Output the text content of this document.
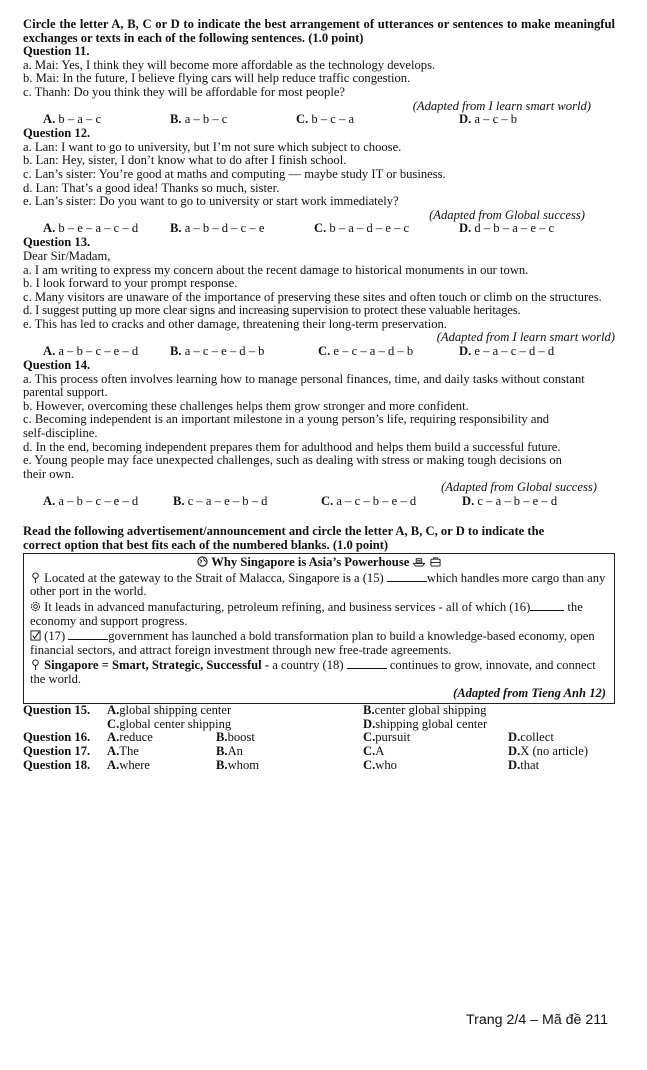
Circle the letter A, B, C or D to indicate the best arrangement of utterances or sentences to make meaningful exchanges or texts in each of the following sentences. (1.0 point)
Question 11.
a. Mai: Yes, I think they will become more affordable as the technology develops.
b. Mai: In the future, I believe flying cars will help reduce traffic congestion.
c. Thanh: Do you think they will be affordable for most people?
(Adapted from I learn smart world)
A. b – a – c	B. a – b – c	C. b – c – a	D. a – c – b
Question 12.
a. Lan: I want to go to university, but I’m not sure which subject to choose.
b. Lan: Hey, sister, I don’t know what to do after I finish school.
c. Lan’s sister: You’re good at maths and computing — maybe study IT or business.
d. Lan: That’s a good idea! Thanks so much, sister.
e. Lan’s sister: Do you want to go to university or start work immediately?
(Adapted from Global success)
A. b – e – a – c – d	B. a – b – d – c – e	C. b – a – d – e – c	D. d – b – a – e – c
Question 13.
Dear Sir/Madam,
a. I am writing to express my concern about the recent damage to historical monuments in our town.
b. I look forward to your prompt response.
c. Many visitors are unaware of the importance of preserving these sites and often touch or climb on the structures.
d. I suggest putting up more clear signs and increasing supervision to protect these valuable heritages.
e. This has led to cracks and other damage, threatening their long-term preservation.
(Adapted from I learn smart world)
A. a – b – c – e – d	B. a – c – e – d – b	C. e – c – a – d – b	D. e – a – c – d – d
Question 14.
a. This process often involves learning how to manage personal finances, time, and daily tasks without constant parental support.
b. However, overcoming these challenges helps them grow stronger and more confident.
c. Becoming independent is an important milestone in a young person’s life, requiring responsibility and self-discipline.
d. In the end, becoming independent prepares them for adulthood and helps them build a successful future.
e. Young people may face unexpected challenges, such as dealing with stress or making tough decisions on their own.
(Adapted from Global success)
A. a – b – c – e – d	B. c – a – e – b – d	C. a – c – b – e – d	D. c – a – b – e – d
Read the following advertisement/announcement and circle the letter A, B, C, or D to indicate the correct option that best fits each of the numbered blanks. (1.0 point)
Why Singapore is Asia’s Powerhouse

Located at the gateway to the Strait of Malacca, Singapore is a (15)	which handles more cargo than any other port in the world.

It leads in advanced manufacturing, petroleum refining, and business services - all of which (16)	the economy and support progress.

(17)	government has launched a bold transformation plan to build a knowledge-based economy, open financial sectors, and attract foreign investment through new free-trade agreements.

Singapore = Smart, Strategic, Successful - a country (18)	continues to grow, innovate, and connect the world.

(Adapted from Tieng Anh 12)
Question 15. A. global shipping center	B. center global shipping
C. global center shipping	D. shipping global center
Question 16. A. reduce	B. boost	C. pursuit	D. collect
Question 17. A. The	B. An	C. A	D. X (no article)
Question 18. A. where	B. whom	C. who	D. that
Trang 2/4 – Mã đề 211
